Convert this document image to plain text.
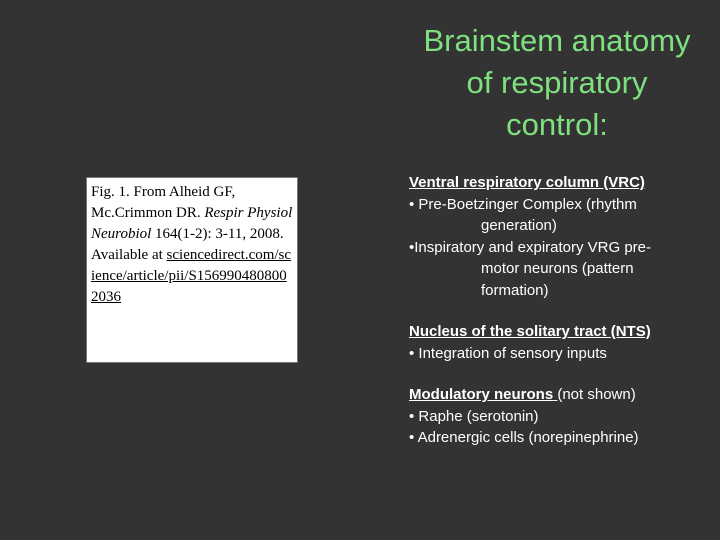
Brainstem anatomy
of respiratory
control:
Fig. 1. From Alheid GF, Mc.Crimmon DR. Respir Physiol Neurobiol 164(1-2): 3-11, 2008. Available at sciencedirect.com/science/article/pii/S1569904808002036
Ventral respiratory column (VRC)
• Pre-Boetzinger Complex (rhythm
generation)
•Inspiratory and expiratory VRG pre-
motor neurons (pattern
formation)
Nucleus of the solitary tract (NTS)
• Integration of sensory inputs
Modulatory neurons (not shown)
• Raphe (serotonin)
• Adrenergic cells (norepinephrine)
